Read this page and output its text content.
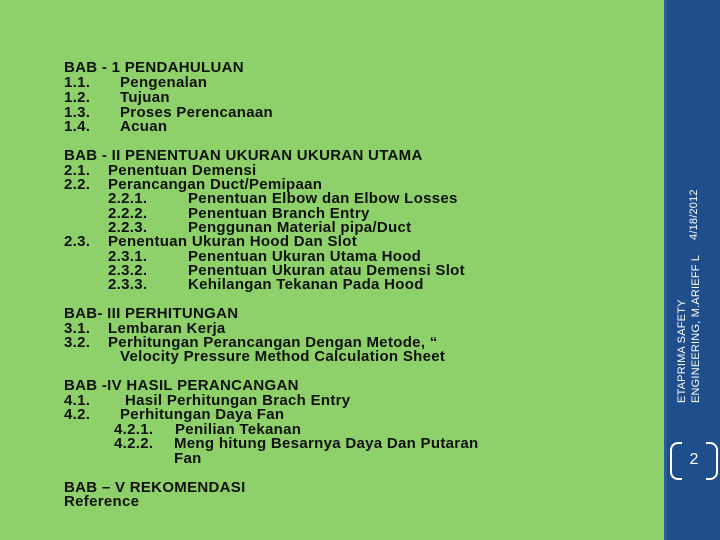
BAB - 1 PENDAHULUAN
1.1. Pengenalan
1.2. Tujuan
1.3. Proses Perencanaan
1.4. Acuan
BAB - II PENENTUAN UKURAN UKURAN UTAMA
2.1. Penentuan Demensi
2.2. Perancangan Duct/Pemipaan
2.2.1.	Penentuan Elbow dan Elbow Losses
2.2.2.	Penentuan Branch Entry
2.2.3.	Penggunan Material pipa/Duct
2.3. Penentuan Ukuran Hood Dan Slot
2.3.1.	Penentuan Ukuran Utama Hood
2.3.2.	Penentuan Ukuran atau Demensi Slot
2.3.3.	Kehilangan Tekanan Pada Hood
BAB- III PERHITUNGAN
3.1. Lembaran Kerja
3.2. Perhitungan Perancangan Dengan Metode, “
Velocity Pressure Method Calculation Sheet
BAB -IV HASIL PERANCANGAN
4.1. Hasil Perhitungan Brach Entry
4.2. Perhitungan Daya Fan
4.2.1. Penilian Tekanan
4.2.2. Meng hitung Besarnya Daya Dan Putaran
Fan
BAB – V REKOMENDASI
Reference
4/18/2012
ETAPRIMA SAFETY ENGINEERING, M.ARIEFF L
2
